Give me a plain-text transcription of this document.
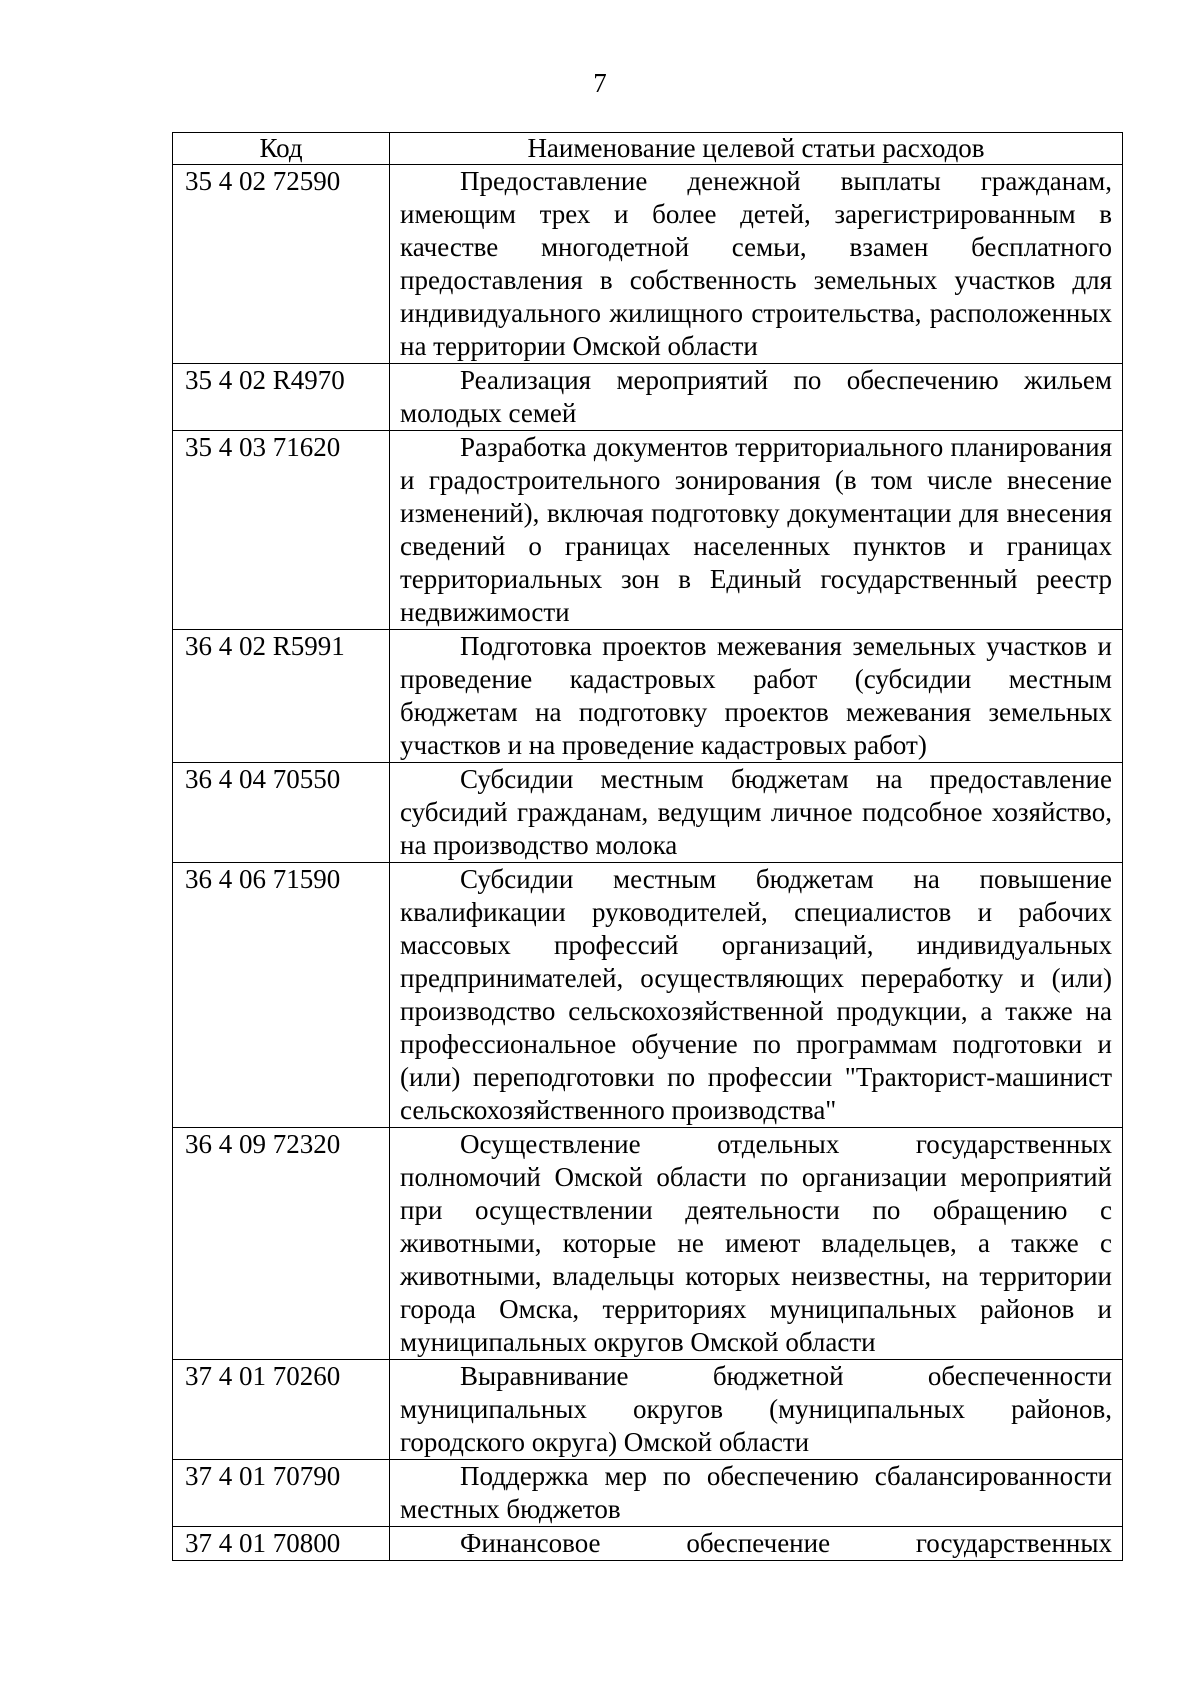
7
Код	Наименование целевой статьи расходов
35 4 02 72590	Предоставление денежной выплаты гражданам, имеющим трех и более детей, зарегистрированным в качестве многодетной семьи, взамен бесплатного предоставления в собственность земельных участков для индивидуального жилищного строительства, расположенных на территории Омской области
35 4 02 R4970	Реализация мероприятий по обеспечению жильем молодых семей
35 4 03 71620	Разработка документов территориального планирования и градостроительного зонирования (в том числе внесение изменений), включая подготовку документации для внесения сведений о границах населенных пунктов и границах территориальных зон в Единый государственный реестр недвижимости
36 4 02 R5991	Подготовка проектов межевания земельных участков и проведение кадастровых работ (субсидии местным бюджетам на подготовку проектов межевания земельных участков и на проведение кадастровых работ)
36 4 04 70550	Субсидии местным бюджетам на предоставление субсидий гражданам, ведущим личное подсобное хозяйство, на производство молока
36 4 06 71590	Субсидии местным бюджетам на повышение квалификации руководителей, специалистов и рабочих массовых профессий организаций, индивидуальных предпринимателей, осуществляющих переработку и (или) производство сельскохозяйственной продукции, а также на профессиональное обучение по программам подготовки и (или) переподготовки по профессии "Тракторист-машинист сельскохозяйственного производства"
36 4 09 72320	Осуществление отдельных государственных полномочий Омской области по организации мероприятий при осуществлении деятельности по обращению с животными, которые не имеют владельцев, а также с животными, владельцы которых неизвестны, на территории города Омска, территориях муниципальных районов и муниципальных округов Омской области
37 4 01 70260	Выравнивание бюджетной обеспеченности муниципальных округов (муниципальных районов, городского округа) Омской области
37 4 01 70790	Поддержка мер по обеспечению сбалансированности местных бюджетов
37 4 01 70800	Финансовое обеспечение государственных
